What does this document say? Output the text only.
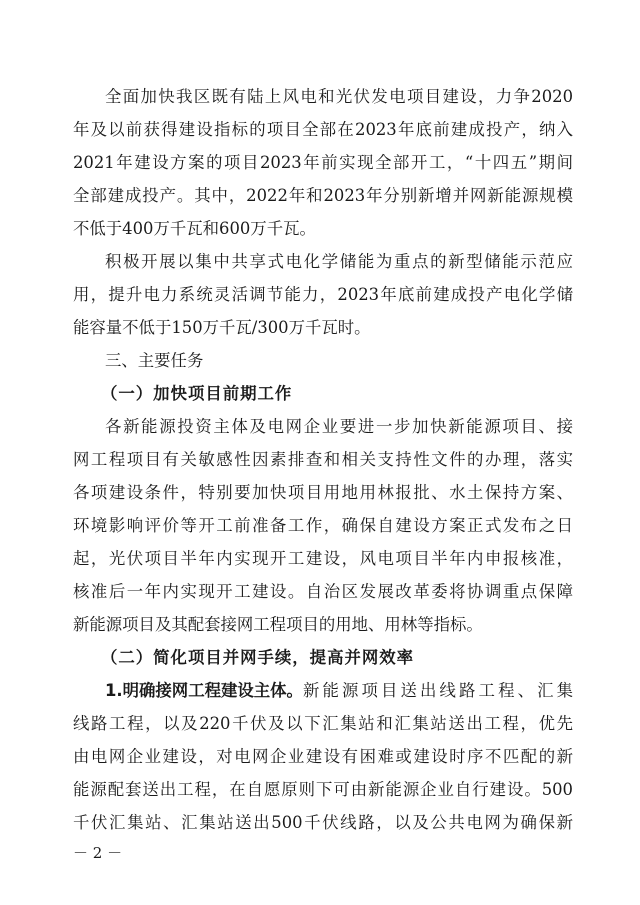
全面加快我区既有陆上风电和光伏发电项目建设，力争2020
年及以前获得建设指标的项目全部在2023年底前建成投产，纳入
2021年建设方案的项目2023年前实现全部开工，“十四五”期间
全部建成投产。其中，2022年和2023年分别新增并网新能源规模
不低于400万千瓦和600万千瓦。
积极开展以集中共享式电化学储能为重点的新型储能示范应
用，提升电力系统灵活调节能力，2023年底前建成投产电化学储
能容量不低于150万千瓦/300万千瓦时。
三、主要任务
（一）加快项目前期工作
各新能源投资主体及电网企业要进一步加快新能源项目、接
网工程项目有关敏感性因素排查和相关支持性文件的办理，落实
各项建设条件，特别要加快项目用地用林报批、水土保持方案、
环境影响评价等开工前准备工作，确保自建设方案正式发布之日
起，光伏项目半年内实现开工建设，风电项目半年内申报核准，
核准后一年内实现开工建设。自治区发展改革委将协调重点保障
新能源项目及其配套接网工程项目的用地、用林等指标。
（二）简化项目并网手续，提高并网效率
1.明确接网工程建设主体。 新能源项目送出线路工程、汇集
线路工程，以及220千伏及以下汇集站和汇集站送出工程，优先
由电网企业建设，对电网企业建设有困难或建设时序不匹配的新
能源配套送出工程，在自愿原则下可由新能源企业自行建设。500
千伏汇集站、汇集站送出500千伏线路，以及公共电网为确保新
－ 2 －
